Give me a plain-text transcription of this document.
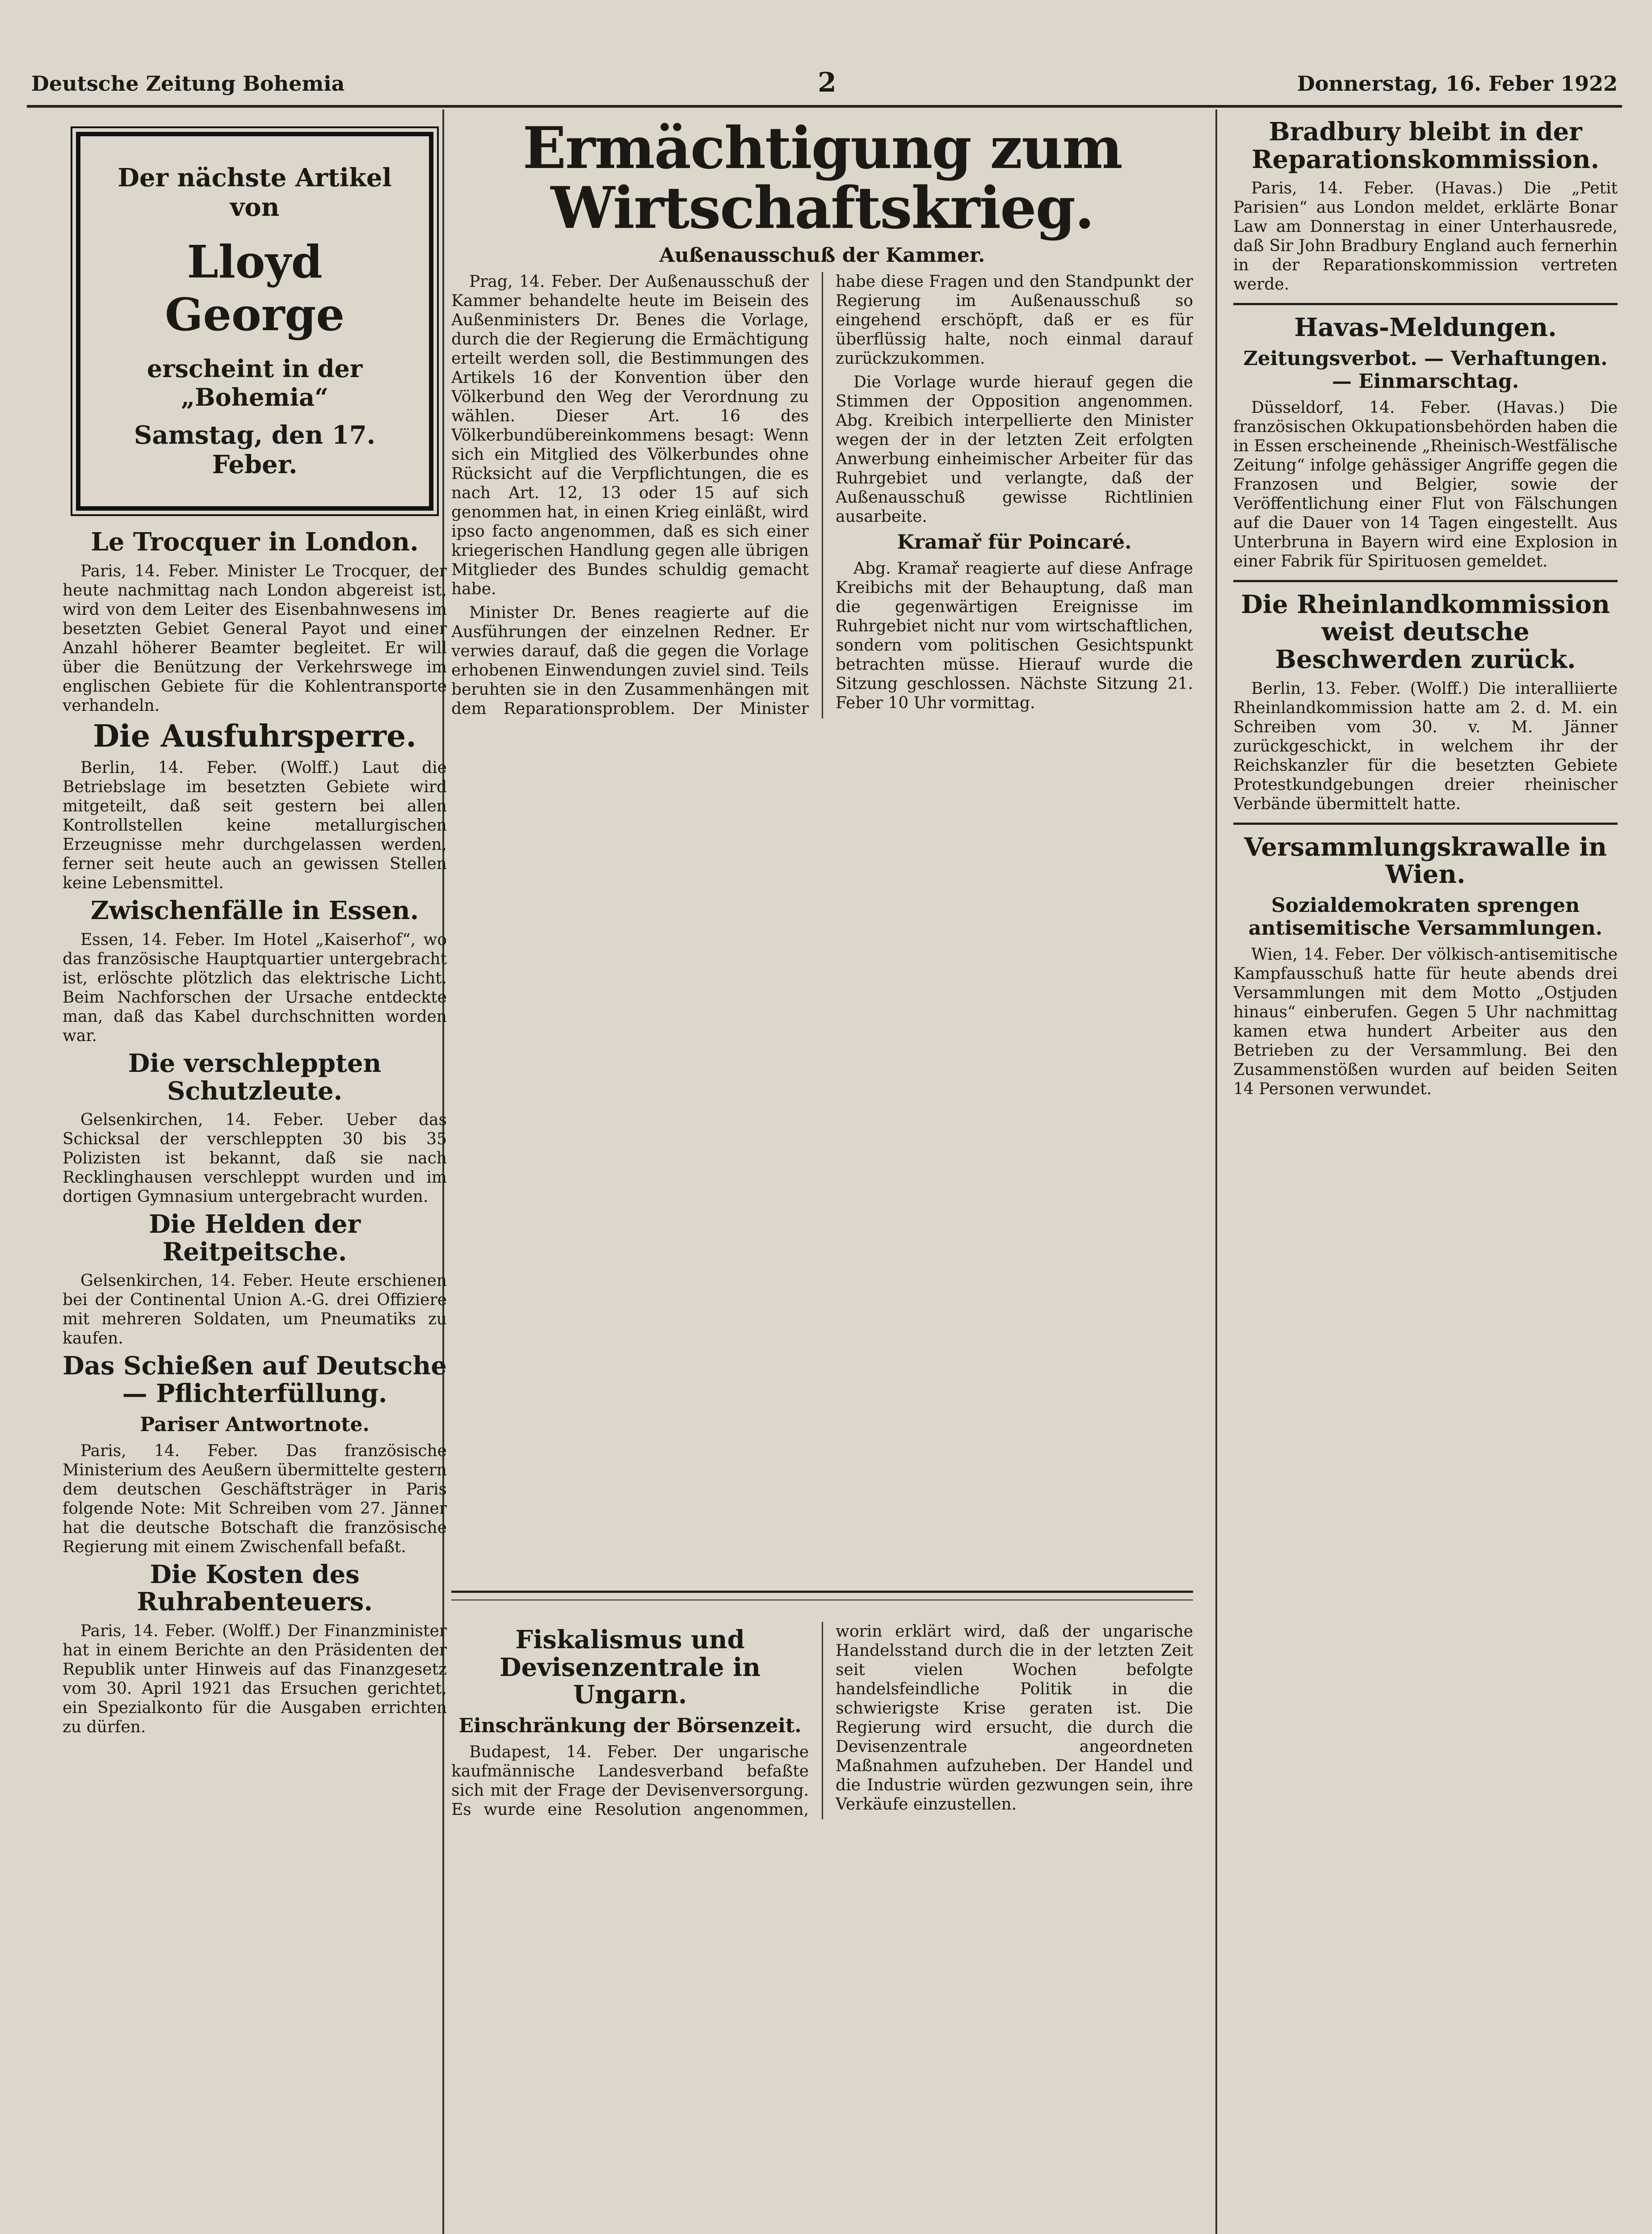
Deutsche Zeitung Bohemia	2	Donnerstag, 16. Feber 1922
Der nächste Artikel von
Lloyd George
erscheint in der „Bohemia“
Samstag, den 17. Feber.
Le Trocquer in London.

Paris, 14. Feber. Minister Le Trocquer, der heute nachmittag nach London abgereist ist, wird von dem Leiter des Eisenbahnwesens im besetzten Gebiet General Payot und einer Anzahl höherer Beamter begleitet. Er will über die Benützung der Verkehrswege im englischen Gebiete für die Kohlentransporte verhandeln.

Die Ausfuhrsperre.

Berlin, 14. Feber. (Wolff.) Laut die Betriebslage im besetzten Gebiete wird mitgeteilt, daß seit gestern bei allen Kontrollstellen keine metallurgischen Erzeugnisse mehr durchgelassen werden, ferner seit heute auch an gewissen Stellen keine Lebensmittel.

Zwischenfälle in Essen.

Essen, 14. Feber. Im Hotel „Kaiserhof“, wo das französische Hauptquartier untergebracht ist, erlöschte plötzlich das elektrische Licht. Beim Nachforschen der Ursache entdeckte man, daß das Kabel durchschnitten worden war.

Die verschleppten Schutzleute.

Gelsenkirchen, 14. Feber. Ueber das Schicksal der verschleppten 30 bis 35 Polizisten ist bekannt, daß sie nach Recklinghausen verschleppt wurden und im dortigen Gymnasium untergebracht wurden.

Die Helden der Reitpeitsche.

Gelsenkirchen, 14. Feber. Heute erschienen bei der Continental Union A.-G. drei Offiziere mit mehreren Soldaten, um Pneumatiks zu kaufen.

Das Schießen auf Deutsche — Pflichterfüllung.
Pariser Antwortnote.

Paris, 14. Feber. Das französische Ministerium des Aeußern übermittelte gestern dem deutschen Geschäftsträger in Paris folgende Note: Mit Schreiben vom 27. Jänner hat die deutsche Botschaft die französische Regierung mit einem Zwischenfall befaßt.

Die Kosten des Ruhrabenteuers.

Paris, 14. Feber. (Wolff.) Der Finanzminister hat in einem Berichte an den Präsidenten der Republik unter Hinweis auf das Finanzgesetz vom 30. April 1921 das Ersuchen gerichtet, ein Spezialkonto für die Ausgaben errichten zu dürfen.

Ermächtigung zum Wirtschaftskrieg.
Außenausschuß der Kammer.

Prag, 14. Feber. Der Außenausschuß der Kammer behandelte heute im Beisein des Außenministers Dr. Benes die Vorlage, durch die der Regierung die Ermächtigung erteilt werden soll, die Bestimmungen des Artikels 16 der Konvention über den Völkerbund den Weg der Verordnung zu wählen. Dieser Art. 16 des Völkerbundübereinkommens besagt: Wenn sich ein Mitglied des Völkerbundes ohne Rücksicht auf die Verpflichtungen, die es nach Art. 12, 13 oder 15 auf sich genommen hat, in einen Krieg einläßt, wird ipso facto angenommen, daß es sich einer kriegerischen Handlung gegen alle übrigen Mitglieder des Bundes schuldig gemacht habe.

Minister Dr. Benes reagierte auf die Ausführungen der einzelnen Redner. Er verwies darauf, daß die gegen die Vorlage erhobenen Einwendungen zuviel sind. Teils beruhten sie in den Zusammenhängen mit dem Reparationsproblem. Der Minister habe diese Fragen und den Standpunkt der Regierung im Außenausschuß so eingehend erschöpft, daß er es für überflüssig halte, noch einmal darauf zurückzukommen.

Die Vorlage wurde hierauf gegen die Stimmen der Opposition angenommen. Abg. Kreibich interpellierte den Minister wegen der in der letzten Zeit erfolgten Anwerbung einheimischer Arbeiter für das Ruhrgebiet und verlangte, daß der Außenausschuß gewisse Richtlinien ausarbeite.

Kramař für Poincaré.

Abg. Kramař reagierte auf diese Anfrage Kreibichs mit der Behauptung, daß man die gegenwärtigen Ereignisse im Ruhrgebiet nicht nur vom wirtschaftlichen, sondern vom politischen Gesichtspunkt betrachten müsse. Hierauf wurde die Sitzung geschlossen. Nächste Sitzung 21. Feber 10 Uhr vormittag.

Fiskalismus und Devisenzentrale in Ungarn.
Einschränkung der Börsenzeit.

Budapest, 14. Feber. Der ungarische kaufmännische Landesverband befaßte sich mit der Frage der Devisenversorgung. Es wurde eine Resolution angenommen, worin erklärt wird, daß der ungarische Handelsstand durch die in der letzten Zeit seit vielen Wochen befolgte handelsfeindliche Politik in die schwierigste Krise geraten ist. Die Regierung wird ersucht, die durch die Devisenzentrale angeordneten Maßnahmen aufzuheben. Der Handel und die Industrie würden gezwungen sein, ihre Verkäufe einzustellen.

Bradbury bleibt in der Reparationskommission.

Paris, 14. Feber. (Havas.) Die „Petit Parisien“ aus London meldet, erklärte Bonar Law am Donnerstag in einer Unterhausrede, daß Sir John Bradbury England auch fernerhin in der Reparationskommission vertreten werde.

Havas-Meldungen.
Zeitungsverbot. — Verhaftungen. — Einmarschtag.

Düsseldorf, 14. Feber. (Havas.) Die französischen Okkupationsbehörden haben die in Essen erscheinende „Rheinisch-Westfälische Zeitung“ infolge gehässiger Angriffe gegen die Franzosen und Belgier, sowie der Veröffentlichung einer Flut von Fälschungen auf die Dauer von 14 Tagen eingestellt. Aus Unterbruna in Bayern wird eine Explosion in einer Fabrik für Spirituosen gemeldet.

Die Rheinlandkommission weist deutsche Beschwerden zurück.

Berlin, 13. Feber. (Wolff.) Die interalliierte Rheinlandkommission hatte am 2. d. M. ein Schreiben vom 30. v. M. Jänner zurückgeschickt, in welchem ihr der Reichskanzler für die besetzten Gebiete Protestkundgebungen dreier rheinischer Verbände übermittelt hatte.

Versammlungskrawalle in Wien.
Sozialdemokraten sprengen antisemitische Versammlungen.

Wien, 14. Feber. Der völkisch-antisemitische Kampfausschuß hatte für heute abends drei Versammlungen mit dem Motto „Ostjuden hinaus“ einberufen. Gegen 5 Uhr nachmittag kamen etwa hundert Arbeiter aus den Betrieben zu der Versammlung. Bei den Zusammenstößen wurden auf beiden Seiten 14 Personen verwundet.
